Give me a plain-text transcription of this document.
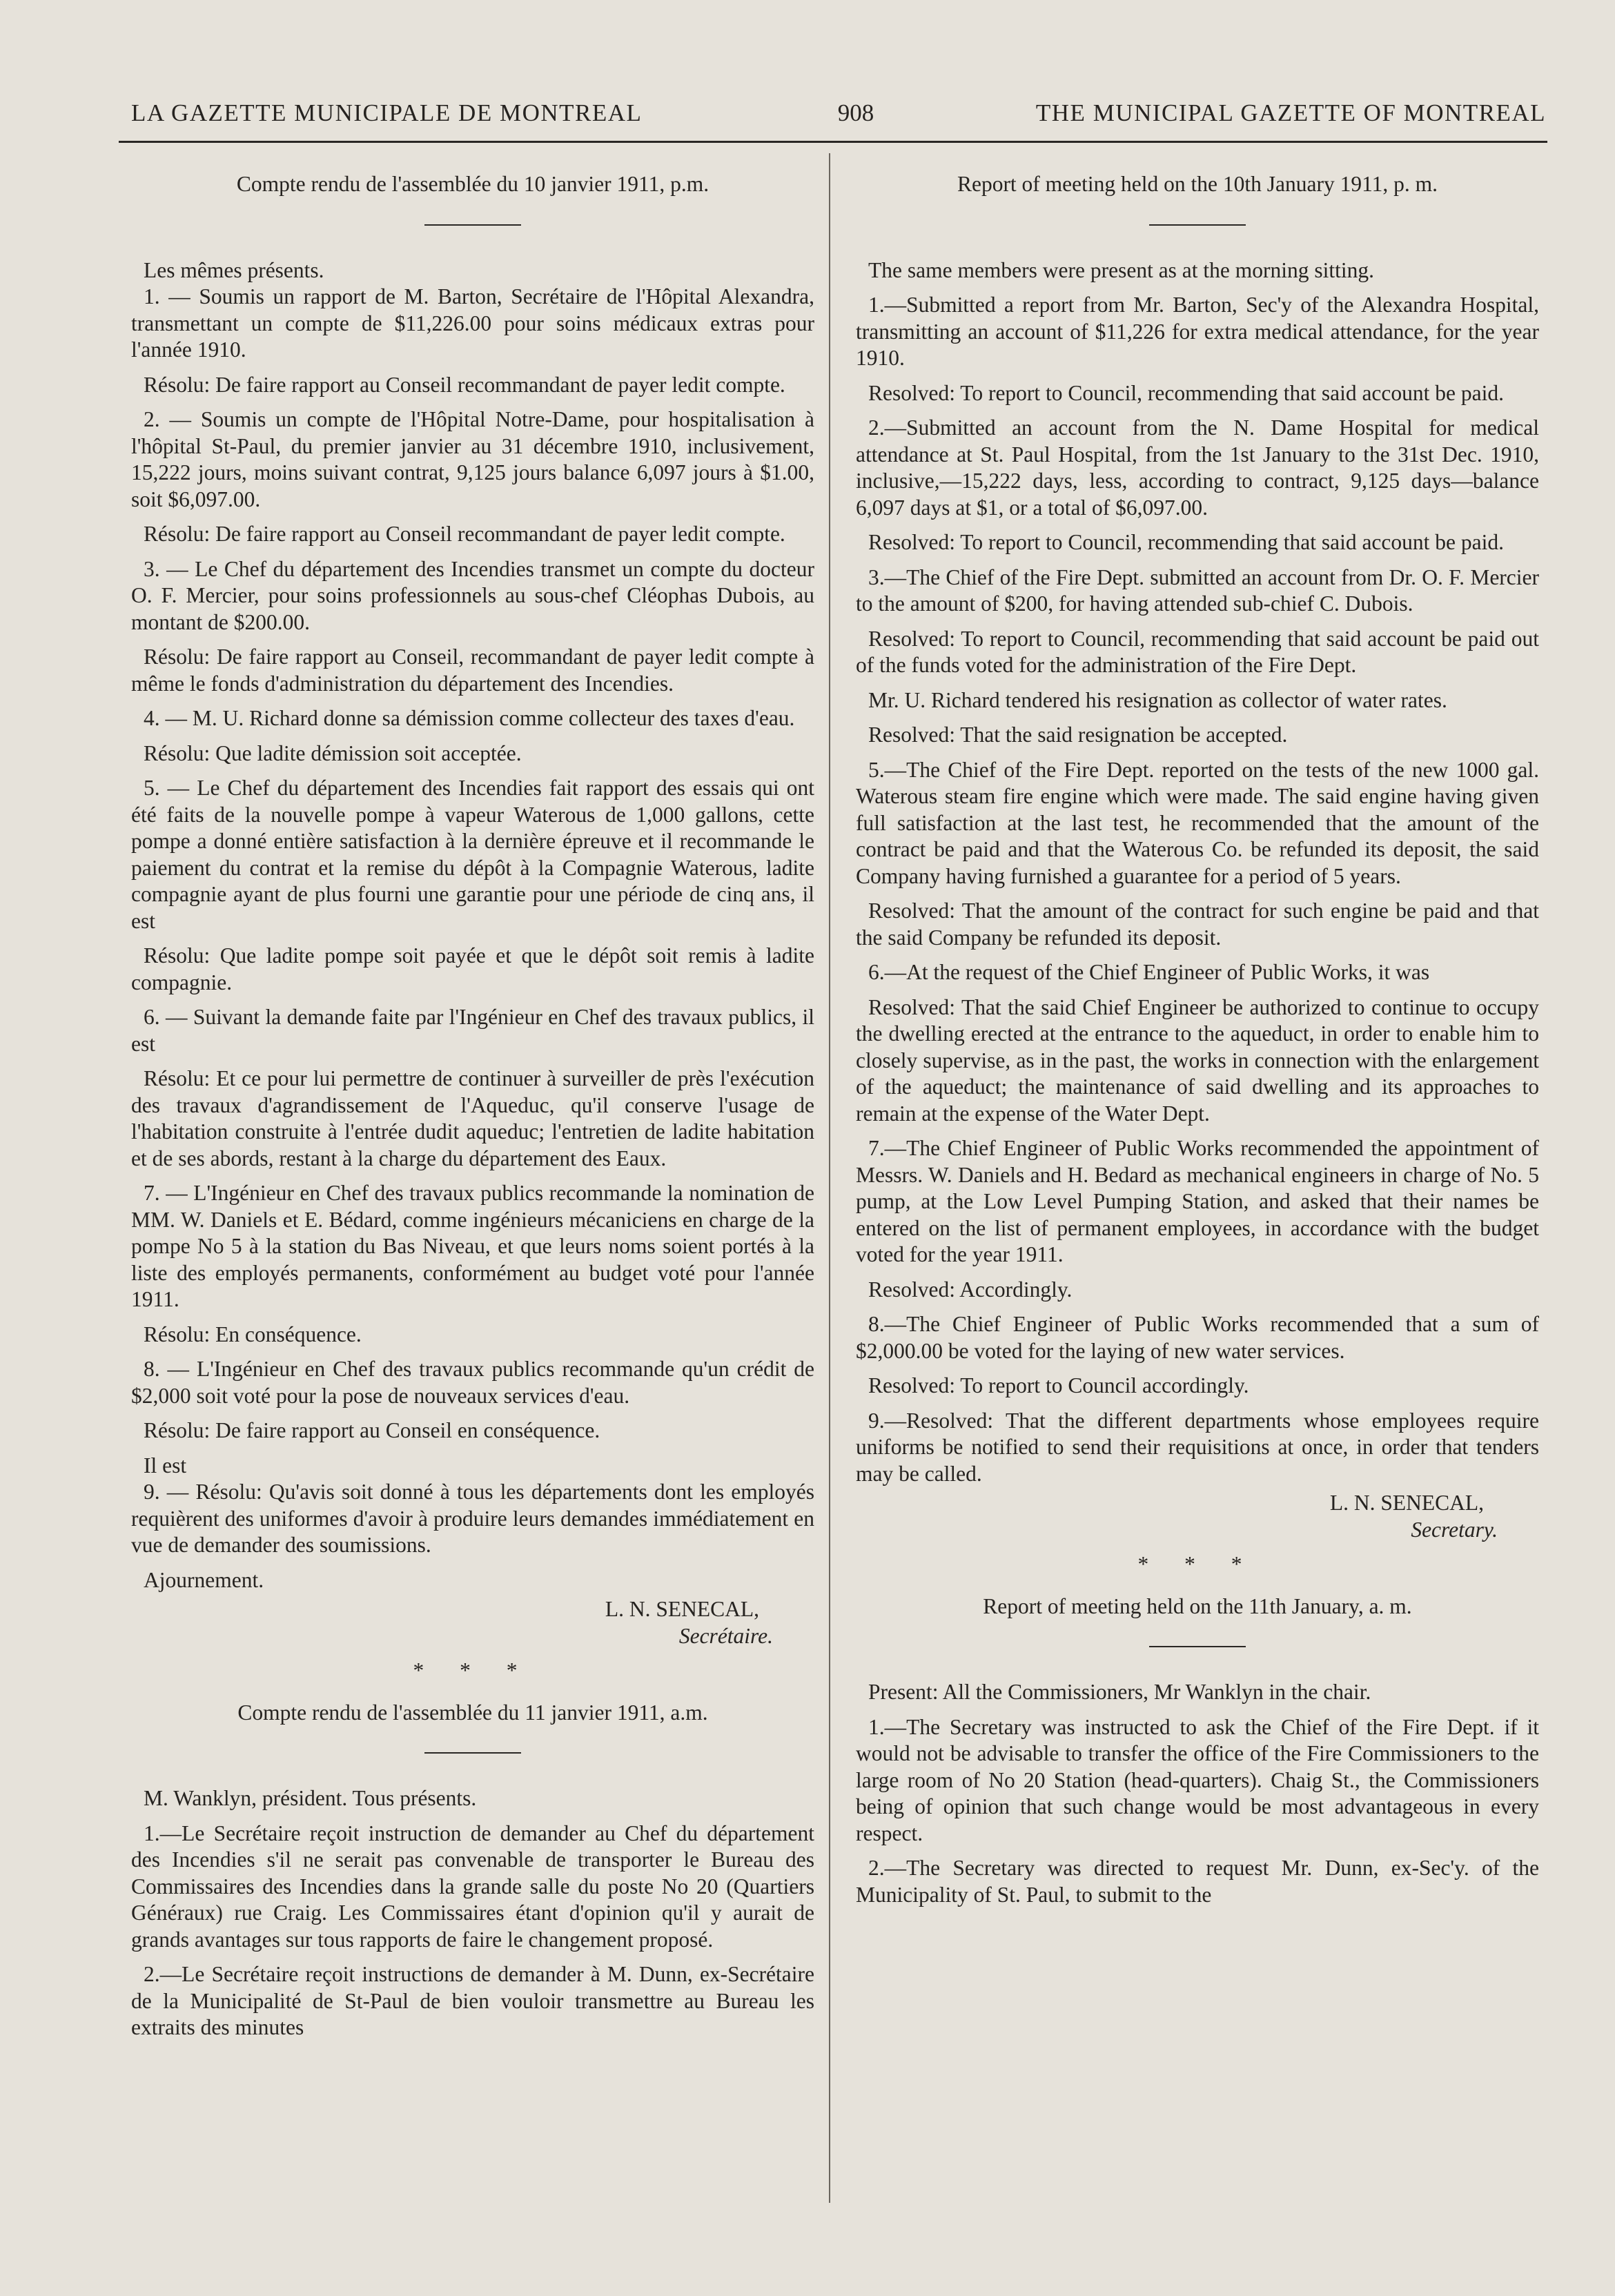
LA GAZETTE MUNICIPALE DE MONTREAL	908	THE MUNICIPAL GAZETTE OF MONTREAL

Compte rendu de l'assemblée du 10 janvier 1911, p.m.

Les mêmes présents.

1. — Soumis un rapport de M. Barton, Secrétaire de l'Hôpital Alexandra, transmettant un compte de $11,226.00 pour soins médicaux extras pour l'année 1910.

Résolu: De faire rapport au Conseil recommandant de payer ledit compte.

2. — Soumis un compte de l'Hôpital Notre-Dame, pour hospitalisation à l'hôpital St-Paul, du premier janvier au 31 décembre 1910, inclusivement, 15,222 jours, moins suivant contrat, 9,125 jours balance 6,097 jours à $1.00, soit $6,097.00.

Résolu: De faire rapport au Conseil recommandant de payer ledit compte.

3. — Le Chef du département des Incendies transmet un compte du docteur O. F. Mercier, pour soins professionnels au sous-chef Cléophas Dubois, au montant de $200.00.

Résolu: De faire rapport au Conseil, recommandant de payer ledit compte à même le fonds d'administration du département des Incendies.

4. — M. U. Richard donne sa démission comme collecteur des taxes d'eau.

Résolu: Que ladite démission soit acceptée.

5. — Le Chef du département des Incendies fait rapport des essais qui ont été faits de la nouvelle pompe à vapeur Waterous de 1,000 gallons, cette pompe a donné entière satisfaction à la dernière épreuve et il recommande le paiement du contrat et la remise du dépôt à la Compagnie Waterous, ladite compagnie ayant de plus fourni une garantie pour une période de cinq ans, il est

Résolu: Que ladite pompe soit payée et que le dépôt soit remis à ladite compagnie.

6. — Suivant la demande faite par l'Ingénieur en Chef des travaux publics, il est

Résolu: Et ce pour lui permettre de continuer à surveiller de près l'exécution des travaux d'agrandissement de l'Aqueduc, qu'il conserve l'usage de l'habitation construite à l'entrée dudit aqueduc; l'entretien de ladite habitation et de ses abords, restant à la charge du département des Eaux.

7. — L'Ingénieur en Chef des travaux publics recommande la nomination de MM. W. Daniels et E. Bédard, comme ingénieurs mécaniciens en charge de la pompe No 5 à la station du Bas Niveau, et que leurs noms soient portés à la liste des employés permanents, conformément au budget voté pour l'année 1911.

Résolu: En conséquence.

8. — L'Ingénieur en Chef des travaux publics recommande qu'un crédit de $2,000 soit voté pour la pose de nouveaux services d'eau.

Résolu: De faire rapport au Conseil en conséquence.

Il est

9. — Résolu: Qu'avis soit donné à tous les départements dont les employés requièrent des uniformes d'avoir à produire leurs demandes immédiatement en vue de demander des soumissions.

Ajournement.

L. N. SENECAL,

Secrétaire.

* * *

Compte rendu de l'assemblée du 11 janvier 1911, a.m.

M. Wanklyn, président. Tous présents.

1.—Le Secrétaire reçoit instruction de demander au Chef du département des Incendies s'il ne serait pas convenable de transporter le Bureau des Commissaires des Incendies dans la grande salle du poste No 20 (Quartiers Généraux) rue Craig. Les Commissaires étant d'opinion qu'il y aurait de grands avantages sur tous rapports de faire le changement proposé.

2.—Le Secrétaire reçoit instructions de demander à M. Dunn, ex-Secrétaire de la Municipalité de St-Paul de bien vouloir transmettre au Bureau les extraits des minutes

Report of meeting held on the 10th January 1911, p. m.

The same members were present as at the morning sitting.

1.—Submitted a report from Mr. Barton, Sec'y of the Alexandra Hospital, transmitting an account of $11,226 for extra medical attendance, for the year 1910.

Resolved: To report to Council, recommending that said account be paid.

2.—Submitted an account from the N. Dame Hospital for medical attendance at St. Paul Hospital, from the 1st January to the 31st Dec. 1910, inclusive,—15,222 days, less, according to contract, 9,125 days—balance 6,097 days at $1, or a total of $6,097.00.

Resolved: To report to Council, recommending that said account be paid.

3.—The Chief of the Fire Dept. submitted an account from Dr. O. F. Mercier to the amount of $200, for having attended sub-chief C. Dubois.

Resolved: To report to Council, recommending that said account be paid out of the funds voted for the administration of the Fire Dept.

Mr. U. Richard tendered his resignation as collector of water rates.

Resolved: That the said resignation be accepted.

5.—The Chief of the Fire Dept. reported on the tests of the new 1000 gal. Waterous steam fire engine which were made. The said engine having given full satisfaction at the last test, he recommended that the amount of the contract be paid and that the Waterous Co. be refunded its deposit, the said Company having furnished a guarantee for a period of 5 years.

Resolved: That the amount of the contract for such engine be paid and that the said Company be refunded its deposit.

6.—At the request of the Chief Engineer of Public Works, it was

Resolved: That the said Chief Engineer be authorized to continue to occupy the dwelling erected at the entrance to the aqueduct, in order to enable him to closely supervise, as in the past, the works in connection with the enlargement of the aqueduct; the maintenance of said dwelling and its approaches to remain at the expense of the Water Dept.

7.—The Chief Engineer of Public Works recommended the appointment of Messrs. W. Daniels and H. Bedard as mechanical engineers in charge of No. 5 pump, at the Low Level Pumping Station, and asked that their names be entered on the list of permanent employees, in accordance with the budget voted for the year 1911.

Resolved: Accordingly.

8.—The Chief Engineer of Public Works recommended that a sum of $2,000.00 be voted for the laying of new water services.

Resolved: To report to Council accordingly.

9.—Resolved: That the different departments whose employees require uniforms be notified to send their requisitions at once, in order that tenders may be called.

L. N. SENECAL,

Secretary.

* * *

Report of meeting held on the 11th January, a. m.

Present: All the Commissioners, Mr Wanklyn in the chair.

1.—The Secretary was instructed to ask the Chief of the Fire Dept. if it would not be advisable to transfer the office of the Fire Commissioners to the large room of No 20 Station (head-quarters). Chaig St., the Commissioners being of opinion that such change would be most advantageous in every respect.

2.—The Secretary was directed to request Mr. Dunn, ex-Sec'y. of the Municipality of St. Paul, to submit to the
